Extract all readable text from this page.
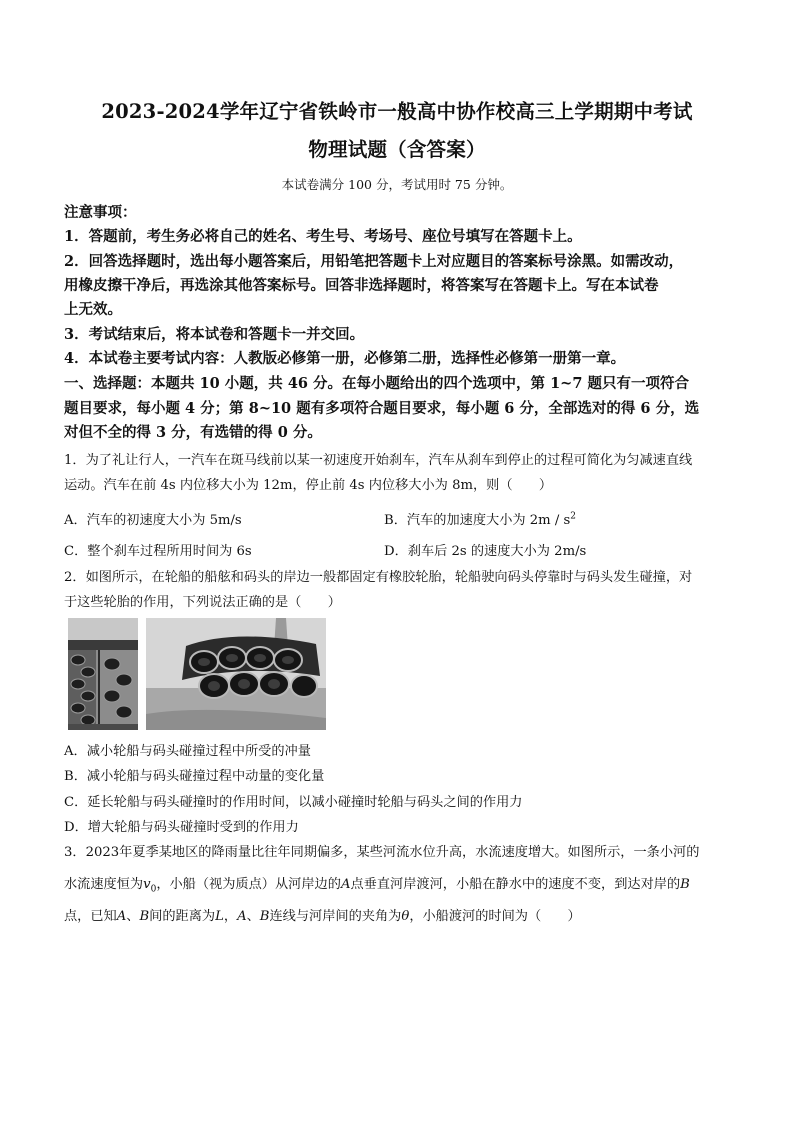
2023-2024学年辽宁省铁岭市一般高中协作校高三上学期期中考试
物理试题（含答案）
本试卷满分 100 分，考试用时 75 分钟。
注意事项：
1．答题前，考生务必将自己的姓名、考生号、考场号、座位号填写在答题卡上。
2．回答选择题时，选出每小题答案后，用铅笔把答题卡上对应题目的答案标号涂黑。如需改动，
用橡皮擦干净后，再选涂其他答案标号。回答非选择题时，将答案写在答题卡上。写在本试卷
上无效。
3．考试结束后，将本试卷和答题卡一并交回。
4．本试卷主要考试内容：人教版必修第一册，必修第二册，选择性必修第一册第一章。
一、选择题：本题共 10 小题，共 46 分。在每小题给出的四个选项中，第 1~7 题只有一项符合
题目要求，每小题 4 分；第 8~10 题有多项符合题目要求，每小题 6 分，全部选对的得 6 分，选
对但不全的得 3 分，有选错的得 0 分。
1．为了礼让行人，一汽车在斑马线前以某一初速度开始刹车，汽车从刹车到停止的过程可简化为匀减速直线
运动。汽车在前 4s 内位移大小为 12m，停止前 4s 内位移大小为 8m，则（　　）
A．汽车的初速度大小为 5m/s	B．汽车的加速度大小为 $2m / s^2$
C．整个刹车过程所用时间为 6s	D．刹车后 2s 的速度大小为 2m/s
2．如图所示，在轮船的船舷和码头的岸边一般都固定有橡胶轮胎，轮船驶向码头停靠时与码头发生碰撞，对
于这些轮胎的作用，下列说法正确的是（　　）
A．减小轮船与码头碰撞过程中所受的冲量
B．减小轮船与码头碰撞过程中动量的变化量
C．延长轮船与码头碰撞时的作用时间，以减小碰撞时轮船与码头之间的作用力
D．增大轮船与码头碰撞时受到的作用力
3．2023年夏季某地区的降雨量比往年同期偏多，某些河流水位升高，水流速度增大。如图所示，一条小河的
水流速度恒为$v_0$，小船（视为质点）从河岸边的A点垂直河岸渡河，小船在静水中的速度不变，到达对岸的B
点，已知A、B间的距离为L，A、B连线与河岸间的夹角为θ，小船渡河的时间为（　　）
